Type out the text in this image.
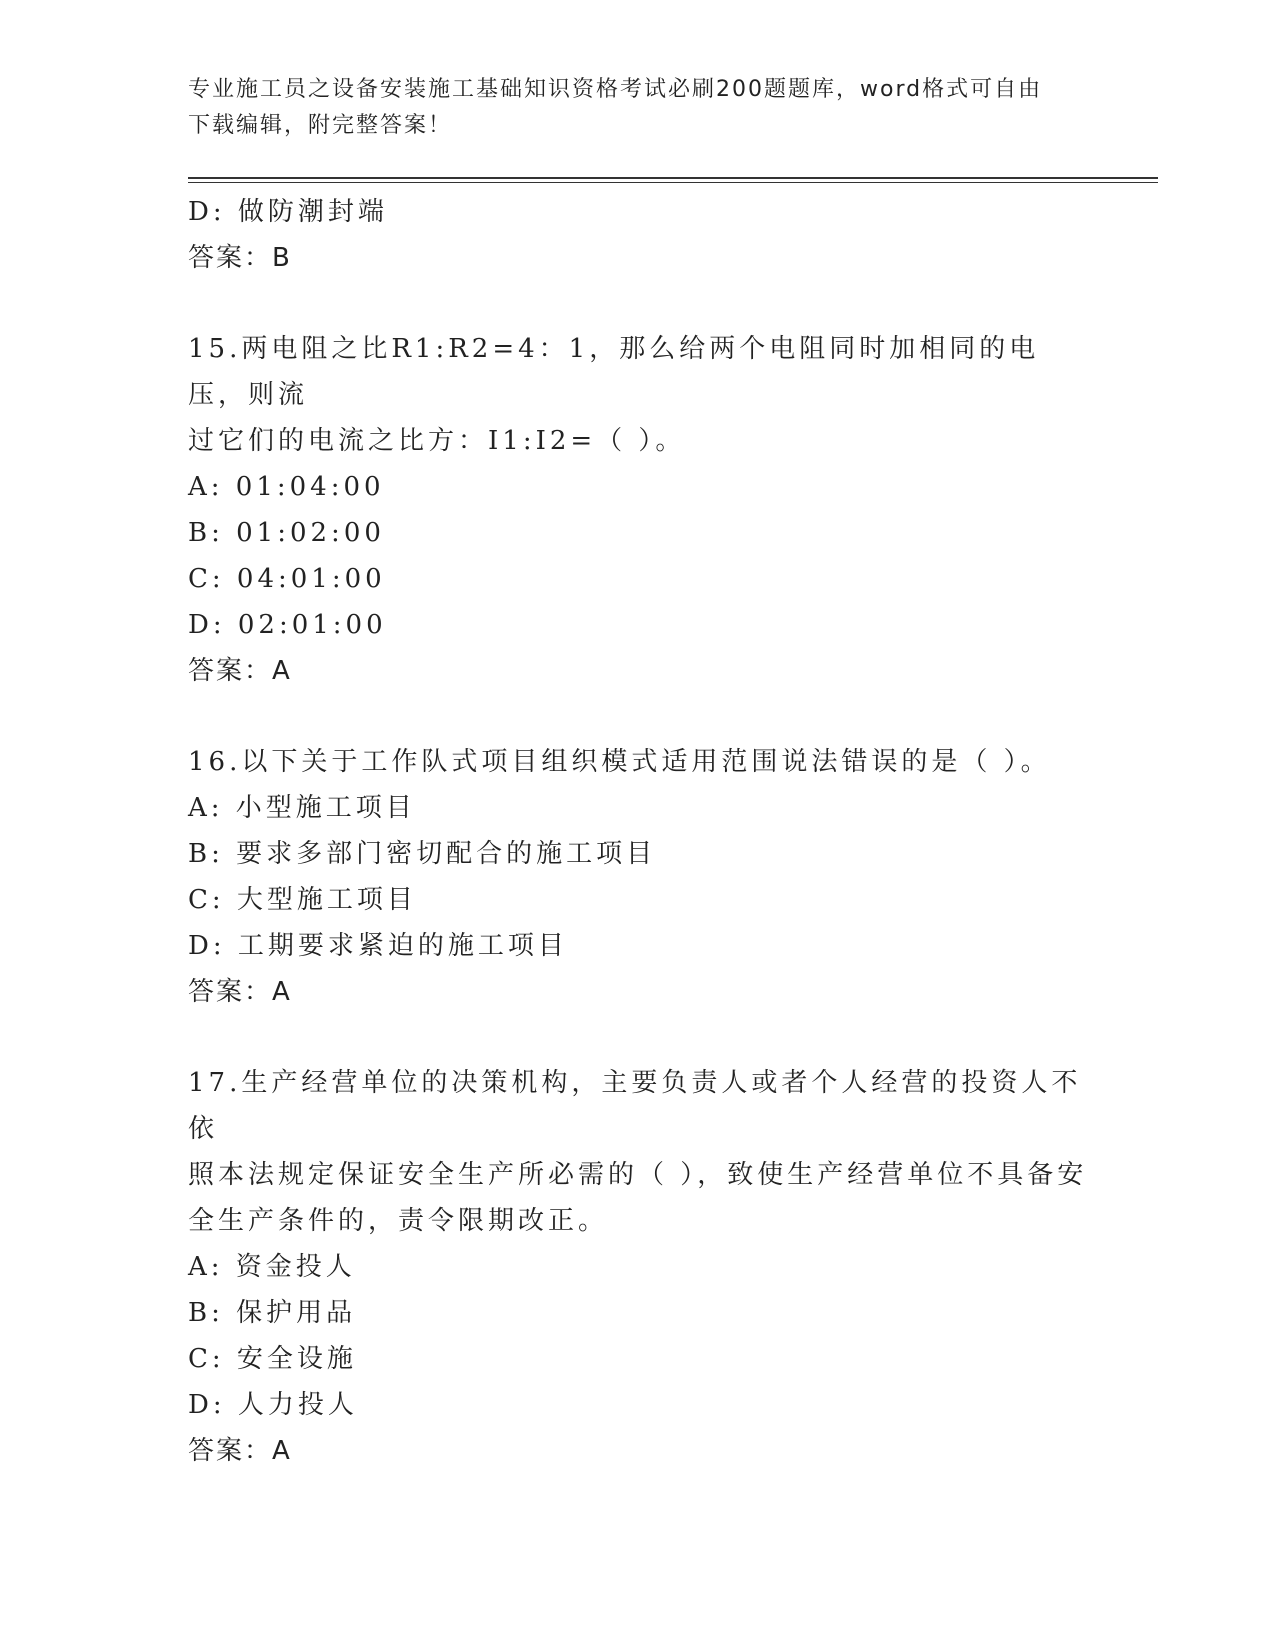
专业施工员之设备安装施工基础知识资格考试必刷200题题库，word格式可自由
下载编辑，附完整答案！
D: 做防潮封端
答案：B
15.两电阻之比R1:R2=4：1，那么给两个电阻同时加相同的电压，则流
过它们的电流之比方：I1:I2=（ ）。
A: 01:04:00
B: 01:02:00
C: 04:01:00
D: 02:01:00
答案：A
16.以下关于工作队式项目组织模式适用范围说法错误的是（ ）。
A: 小型施工项目
B: 要求多部门密切配合的施工项目
C: 大型施工项目
D: 工期要求紧迫的施工项目
答案：A
17.生产经营单位的决策机构，主要负责人或者个人经营的投资人不依
照本法规定保证安全生产所必需的（ ），致使生产经营单位不具备安
全生产条件的，责令限期改正。
A: 资金投人
B: 保护用品
C: 安全设施
D: 人力投人
答案：A
